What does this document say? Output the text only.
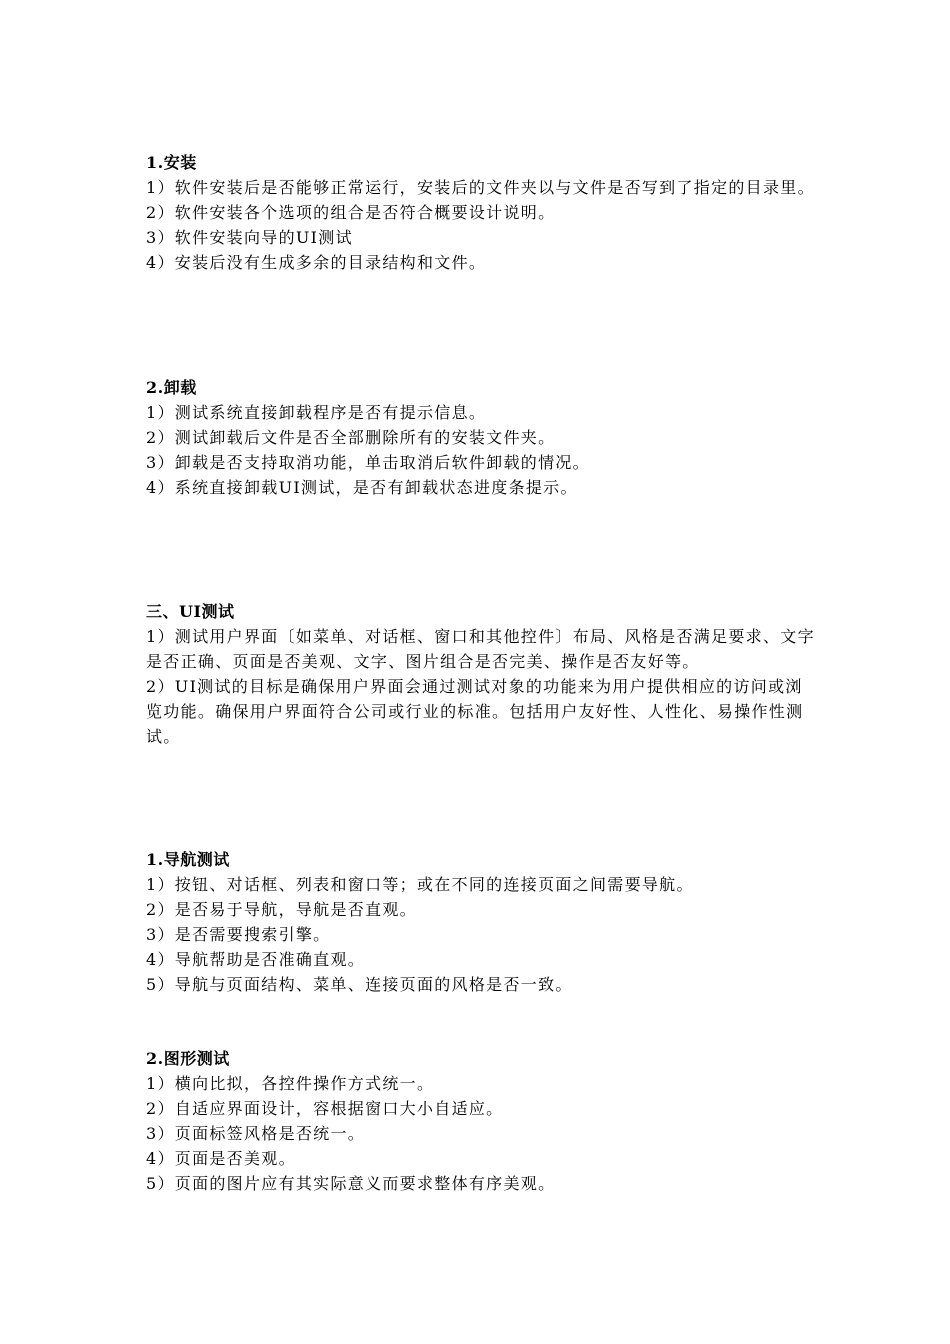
1.安装

1）软件安装后是否能够正常运行，安装后的文件夹以与文件是否写到了指定的目录里。

2）软件安装各个选项的组合是否符合概要设计说明。

3）软件安装向导的UI测试

4）安装后没有生成多余的目录结构和文件。

2.卸载

1）测试系统直接卸载程序是否有提示信息。

2）测试卸载后文件是否全部删除所有的安装文件夹。

3）卸载是否支持取消功能，单击取消后软件卸载的情况。

4）系统直接卸载UI测试，是否有卸载状态进度条提示。

三、UI测试

1）测试用户界面〔如菜单、对话框、窗口和其他控件〕布局、风格是否满足要求、文字是否正确、页面是否美观、文字、图片组合是否完美、操作是否友好等。

2）UI测试的目标是确保用户界面会通过测试对象的功能来为用户提供相应的访问或浏览功能。确保用户界面符合公司或行业的标准。包括用户友好性、人性化、易操作性测试。

1.导航测试

1）按钮、对话框、列表和窗口等；或在不同的连接页面之间需要导航。

2）是否易于导航，导航是否直观。

3）是否需要搜索引擎。

4）导航帮助是否准确直观。

5）导航与页面结构、菜单、连接页面的风格是否一致。

2.图形测试

1）横向比拟，各控件操作方式统一。

2）自适应界面设计，容根据窗口大小自适应。

3）页面标签风格是否统一。

4）页面是否美观。

5）页面的图片应有其实际意义而要求整体有序美观。
